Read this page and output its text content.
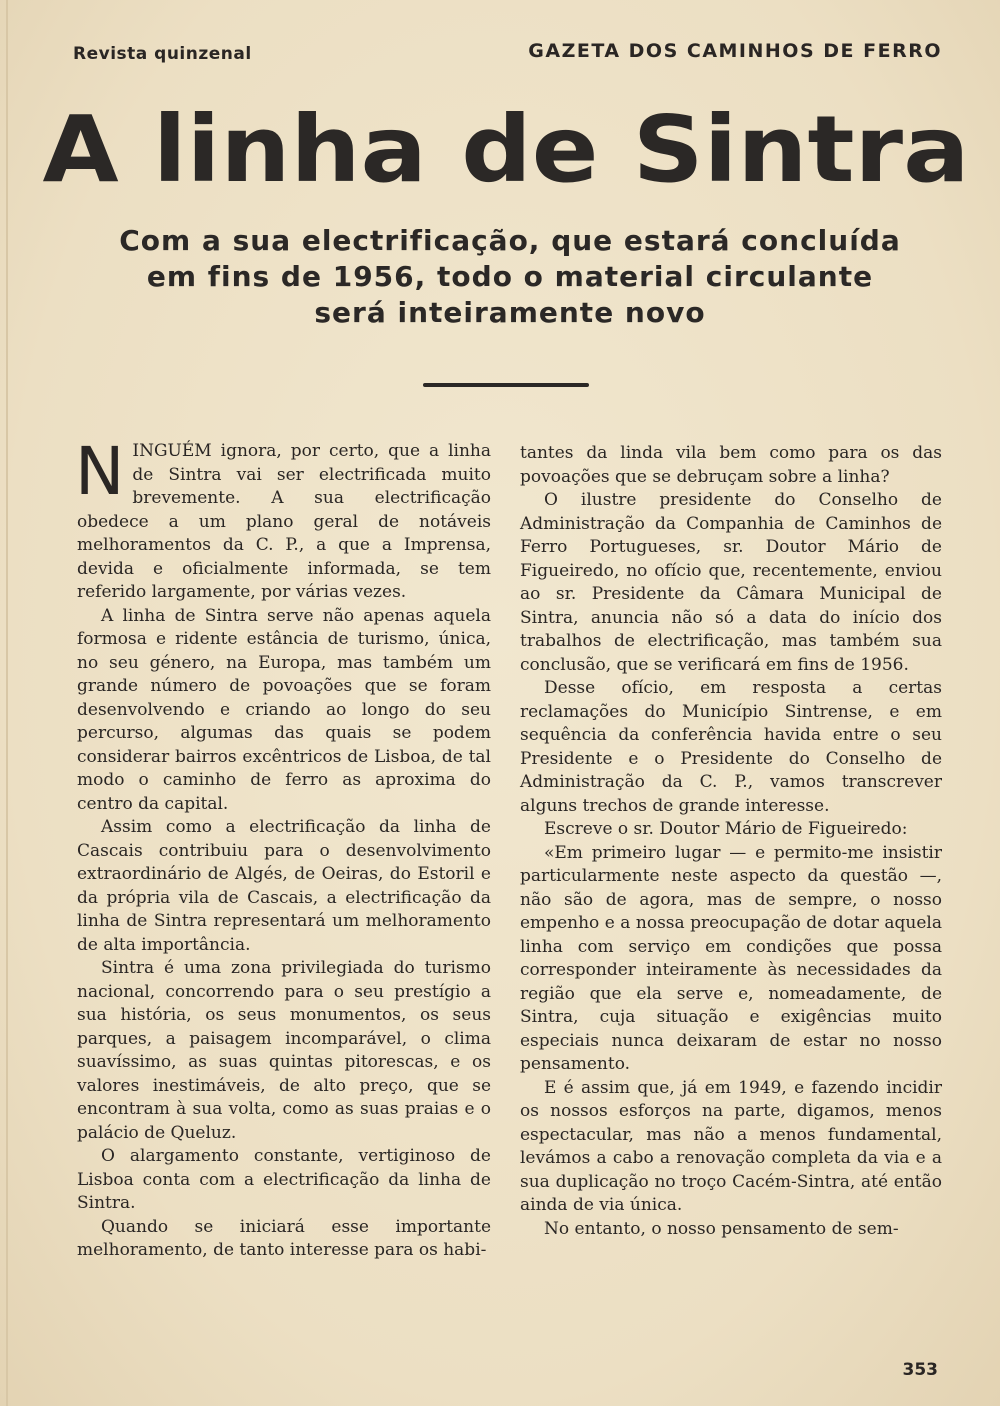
Revista quinzenal	GAZETA DOS CAMINHOS DE FERRO
A linha de Sintra
Com a sua electrificação, que estará concluída
em fins de 1956, todo o material circulante
será inteiramente novo

NINGUÉM ignora, por certo, que a linha de Sintra vai ser electrificada muito brevemente. A sua electrificação obedece a um plano geral de notáveis melhoramentos da C. P., a que a Imprensa, devida e oficialmente informada, se tem referido largamente, por várias vezes.

A linha de Sintra serve não apenas aquela formosa e ridente estância de turismo, única, no seu género, na Europa, mas também um grande número de povoações que se foram desenvolvendo e criando ao longo do seu percurso, algumas das quais se podem considerar bairros excêntricos de Lisboa, de tal modo o caminho de ferro as aproxima do centro da capital.

Assim como a electrificação da linha de Cascais contribuiu para o desenvolvimento extraordinário de Algés, de Oeiras, do Estoril e da própria vila de Cascais, a electrificação da linha de Sintra representará um melhoramento de alta importância.

Sintra é uma zona privilegiada do turismo nacional, concorrendo para o seu prestígio a sua história, os seus monumentos, os seus parques, a paisagem incomparável, o clima suavíssimo, as suas quintas pitorescas, e os valores inestimáveis, de alto preço, que se encontram à sua volta, como as suas praias e o palácio de Queluz.

O alargamento constante, vertiginoso de Lisboa conta com a electrificação da linha de Sintra.

Quando se iniciará esse importante melhoramento, de tanto interesse para os habi-

tantes da linda vila bem como para os das povoações que se debruçam sobre a linha?

O ilustre presidente do Conselho de Administração da Companhia de Caminhos de Ferro Portugueses, sr. Doutor Mário de Figueiredo, no ofício que, recentemente, enviou ao sr. Presidente da Câmara Municipal de Sintra, anuncia não só a data do início dos trabalhos de electrificação, mas também sua conclusão, que se verificará em fins de 1956.

Desse ofício, em resposta a certas reclamações do Município Sintrense, e em sequência da conferência havida entre o seu Presidente e o Presidente do Conselho de Administração da C. P., vamos transcrever alguns trechos de grande interesse.

Escreve o sr. Doutor Mário de Figueiredo:

«Em primeiro lugar — e permito-me insistir particularmente neste aspecto da questão —, não são de agora, mas de sempre, o nosso empenho e a nossa preocupação de dotar aquela linha com serviço em condições que possa corresponder inteiramente às necessidades da região que ela serve e, nomeadamente, de Sintra, cuja situação e exigências muito especiais nunca deixaram de estar no nosso pensamento.

E é assim que, já em 1949, e fazendo incidir os nossos esforços na parte, digamos, menos espectacular, mas não a menos fundamental, levámos a cabo a renovação completa da via e a sua duplicação no troço Cacém-Sintra, até então ainda de via única.

No entanto, o nosso pensamento de sem-

353
